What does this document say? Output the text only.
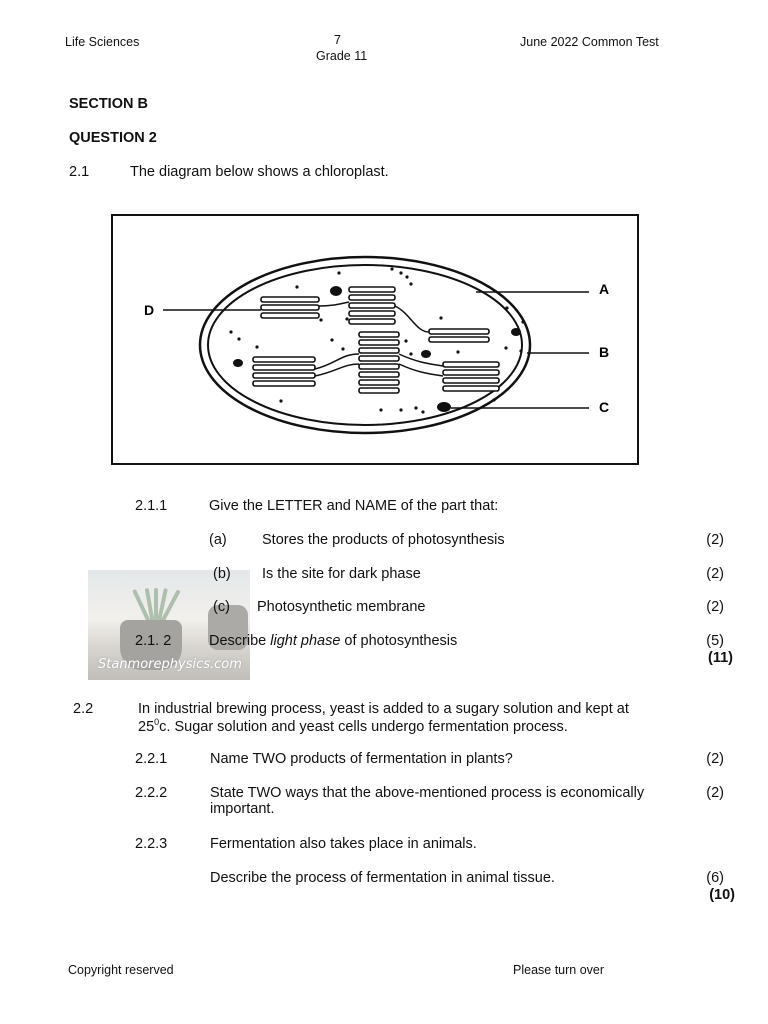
Life Sciences	7
Grade 11
June 2022 Common Test
SECTION B
QUESTION 2
2.1	The diagram below shows a chloroplast.
D
A
B
C
Stanmorephysics.com
2.1.1	Give the LETTER and NAME of the part that:
(a) Stores the products of photosynthesis	(2)
(b) Is the site for dark phase	(2)
(c) Photosynthetic membrane	(2)
2.1. 2	Describe light phase of photosynthesis	(5)
(11)
2.2	In industrial brewing process, yeast is added to a sugary solution and kept at
$25^0c$. Sugar solution and yeast cells undergo fermentation process.
2.2.1	Name TWO products of fermentation in plants?	(2)
2.2.2	State TWO ways that the above-mentioned process is economically
important.
(2)
2.2.3	Fermentation also takes place in animals.
Describe the process of fermentation in animal tissue.	(6)
(10)
Copyright reserved	Please turn over
